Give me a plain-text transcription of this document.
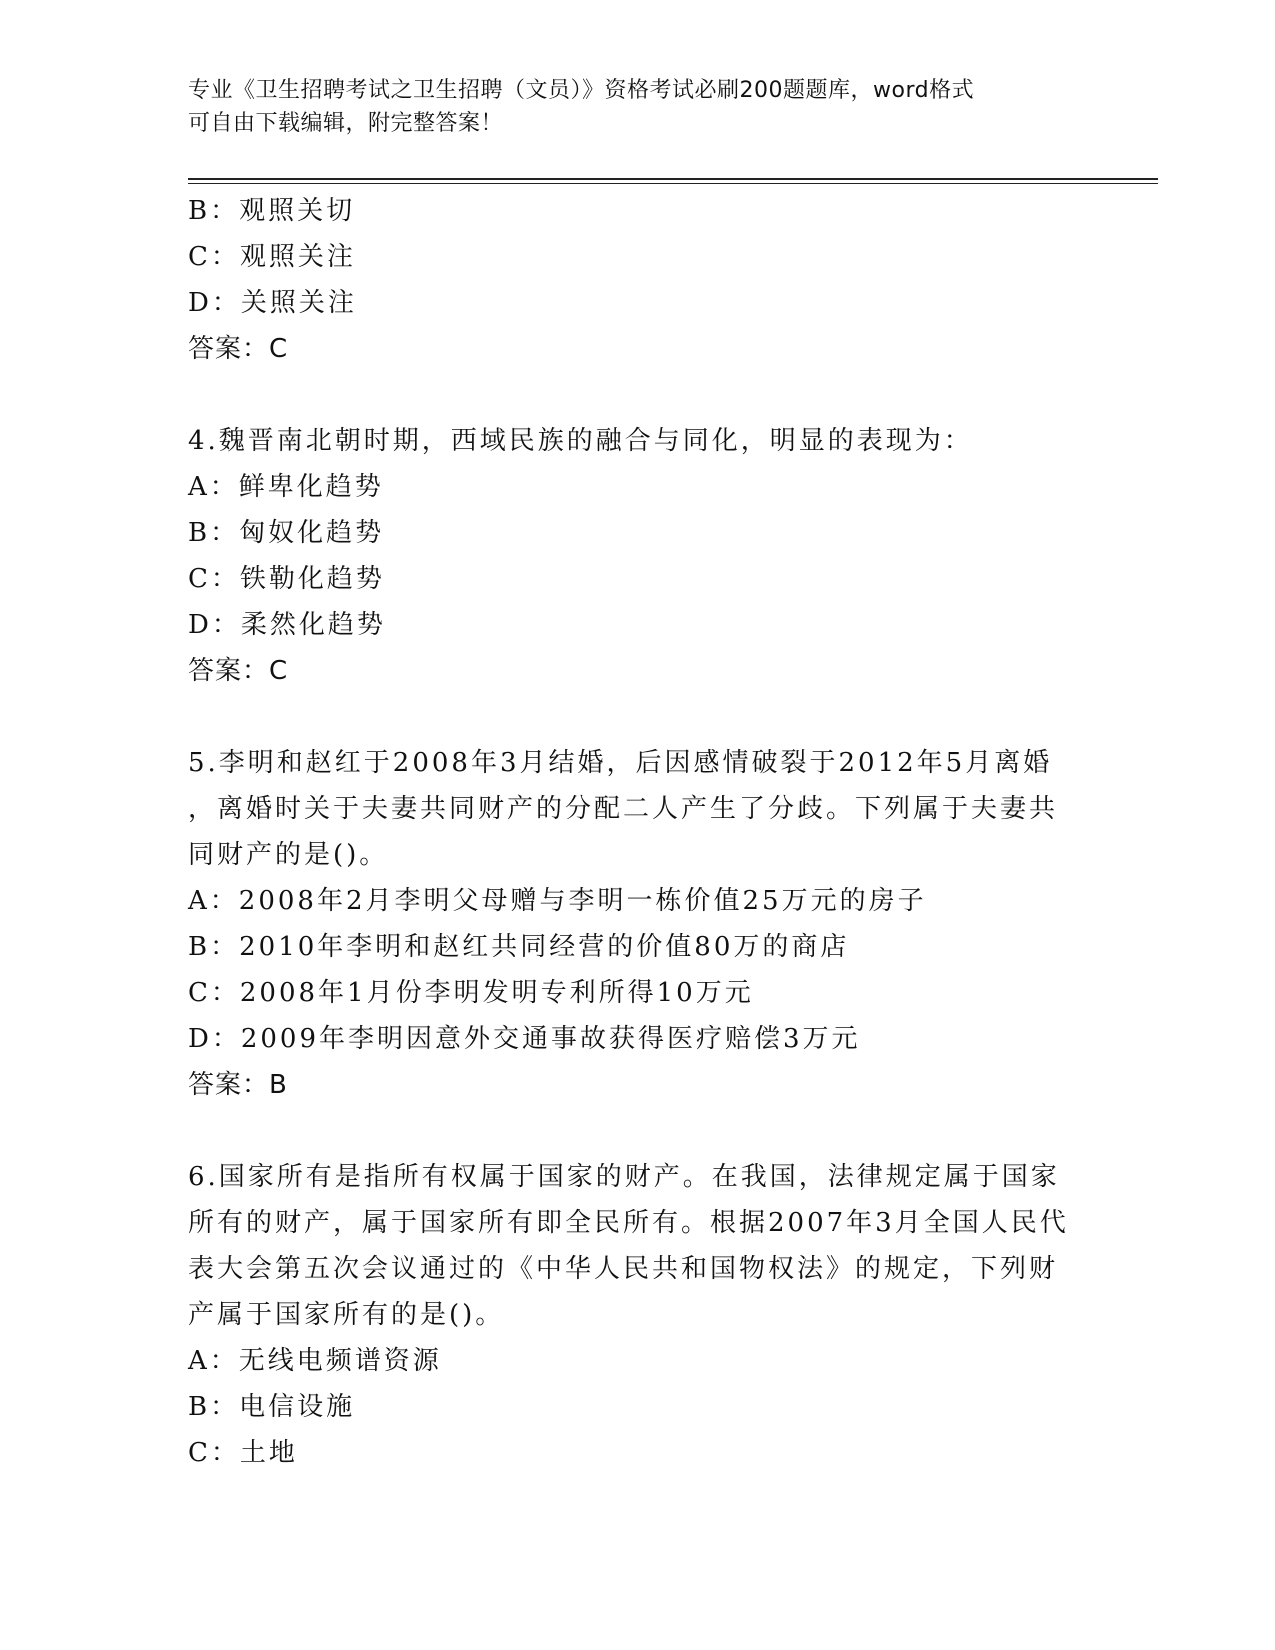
专业《卫生招聘考试之卫生招聘（文员）》资格考试必刷200题题库，word格式
可自由下载编辑，附完整答案！

B：观照关切

C：观照关注

D：关照关注

答案：C

4.魏晋南北朝时期，西域民族的融合与同化，明显的表现为：

A：鲜卑化趋势

B：匈奴化趋势

C：铁勒化趋势

D：柔然化趋势

答案：C

5.李明和赵红于2008年3月结婚，后因感情破裂于2012年5月离婚

，离婚时关于夫妻共同财产的分配二人产生了分歧。下列属于夫妻共

同财产的是()。

A：2008年2月李明父母赠与李明一栋价值25万元的房子

B：2010年李明和赵红共同经营的价值80万的商店

C：2008年1月份李明发明专利所得10万元

D：2009年李明因意外交通事故获得医疗赔偿3万元

答案：B

6.国家所有是指所有权属于国家的财产。在我国，法律规定属于国家

所有的财产，属于国家所有即全民所有。根据2007年3月全国人民代

表大会第五次会议通过的《中华人民共和国物权法》的规定，下列财

产属于国家所有的是()。

A：无线电频谱资源

B：电信设施

C：土地
